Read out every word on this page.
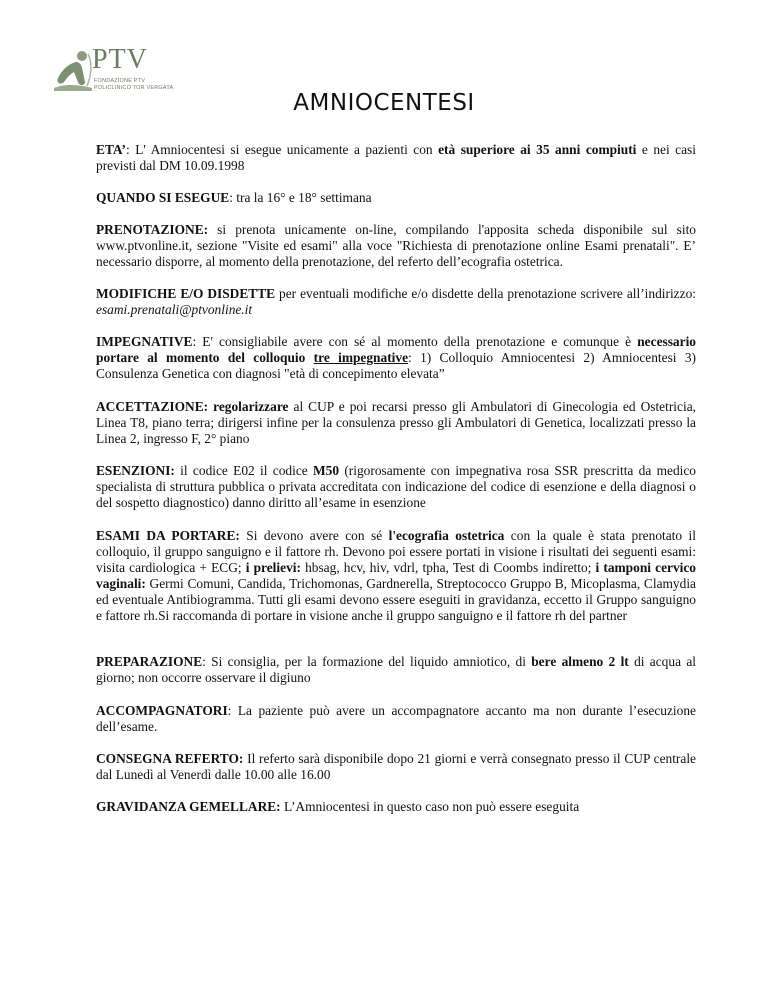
PTV
FONDAZIONE PTV
POLICLINICO TOR VERGATA
AMNIOCENTESI

ETA’: L' Amniocentesi si esegue unicamente a pazienti con età superiore ai 35 anni compiuti e nei casi previsti dal DM 10.09.1998

QUANDO SI ESEGUE: tra la 16° e 18° settimana

PRENOTAZIONE: si prenota unicamente on-line, compilando l'apposita scheda disponibile sul sito www.ptvonline.it, sezione "Visite ed esami" alla voce "Richiesta di prenotazione online Esami prenatali". E’ necessario disporre, al momento della prenotazione, del referto dell’ecografia ostetrica.

MODIFICHE E/O DISDETTE per eventuali modifiche e/o disdette della prenotazione scrivere all’indirizzo: esami.prenatali@ptvonline.it

IMPEGNATIVE: E' consigliabile avere con sé al momento della prenotazione e comunque è necessario portare al momento del colloquio tre impegnative: 1) Colloquio Amniocentesi 2) Amniocentesi 3) Consulenza Genetica con diagnosi "età di concepimento elevata”

ACCETTAZIONE: regolarizzare al CUP e poi recarsi presso gli Ambulatori di Ginecologia ed Ostetricia, Linea T8, piano terra; dirigersi infine per la consulenza presso gli Ambulatori di Genetica, localizzati presso la Linea 2, ingresso F, 2° piano

ESENZIONI: il codice E02 il codice M50 (rigorosamente con impegnativa rosa SSR prescritta da medico specialista di struttura pubblica o privata accreditata con indicazione del codice di esenzione e della diagnosi o del sospetto diagnostico) danno diritto all’esame in esenzione

ESAMI DA PORTARE: Si devono avere con sé l'ecografia ostetrica con la quale è stata prenotato il colloquio, il gruppo sanguigno e il fattore rh. Devono poi essere portati in visione i risultati dei seguenti esami: visita cardiologica + ECG; i prelievi: hbsag, hcv, hiv, vdrl, tpha, Test di Coombs indiretto; i tamponi cervico vaginali: Germi Comuni, Candida, Trichomonas, Gardnerella, Streptococco Gruppo B, Micoplasma, Clamydia ed eventuale Antibiogramma. Tutti gli esami devono essere eseguiti in gravidanza, eccetto il Gruppo sanguigno e fattore rh.Si raccomanda di portare in visione anche il gruppo sanguigno e il fattore rh del partner

PREPARAZIONE: Si consiglia, per la formazione del liquido amniotico, di bere almeno 2 lt di acqua al giorno; non occorre osservare il digiuno

ACCOMPAGNATORI: La paziente può avere un accompagnatore accanto ma non durante l’esecuzione dell’esame.

CONSEGNA REFERTO: Il referto sarà disponibile dopo 21 giorni e verrà consegnato presso il CUP centrale dal Lunedì al Venerdì dalle 10.00 alle 16.00

GRAVIDANZA GEMELLARE: L’Amniocentesi in questo caso non può essere eseguita
